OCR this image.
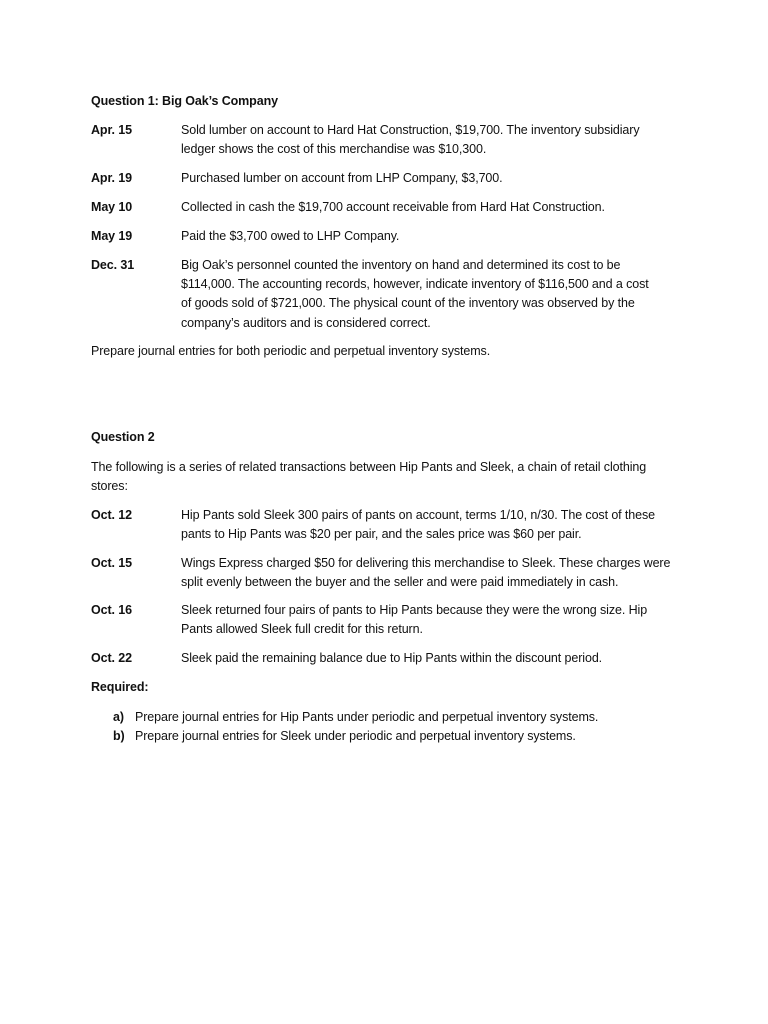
Question 1: Big Oak’s Company
Apr. 15	Sold lumber on account to Hard Hat Construction, $19,700. The inventory subsidiary
ledger shows the cost of this merchandise was $10,300.
Apr. 19	Purchased lumber on account from LHP Company, $3,700.
May 10	Collected in cash the $19,700 account receivable from Hard Hat Construction.
May 19	Paid the $3,700 owed to LHP Company.
Dec. 31	Big Oak’s personnel counted the inventory on hand and determined its cost to be
$114,000. The accounting records, however, indicate inventory of $116,500 and a cost
of goods sold of $721,000. The physical count of the inventory was observed by the
company’s auditors and is considered correct.
Prepare journal entries for both periodic and perpetual inventory systems.
Question 2
The following is a series of related transactions between Hip Pants and Sleek, a chain of retail clothing
stores:
Oct. 12	Hip Pants sold Sleek 300 pairs of pants on account, terms 1/10, n/30. The cost of these
pants to Hip Pants was $20 per pair, and the sales price was $60 per pair.
Oct. 15	Wings Express charged $50 for delivering this merchandise to Sleek. These charges were
split evenly between the buyer and the seller and were paid immediately in cash.
Oct. 16	Sleek returned four pairs of pants to Hip Pants because they were the wrong size. Hip
Pants allowed Sleek full credit for this return.
Oct. 22	Sleek paid the remaining balance due to Hip Pants within the discount period.
Required:
a) Prepare journal entries for Hip Pants under periodic and perpetual inventory systems.
b) Prepare journal entries for Sleek under periodic and perpetual inventory systems.
